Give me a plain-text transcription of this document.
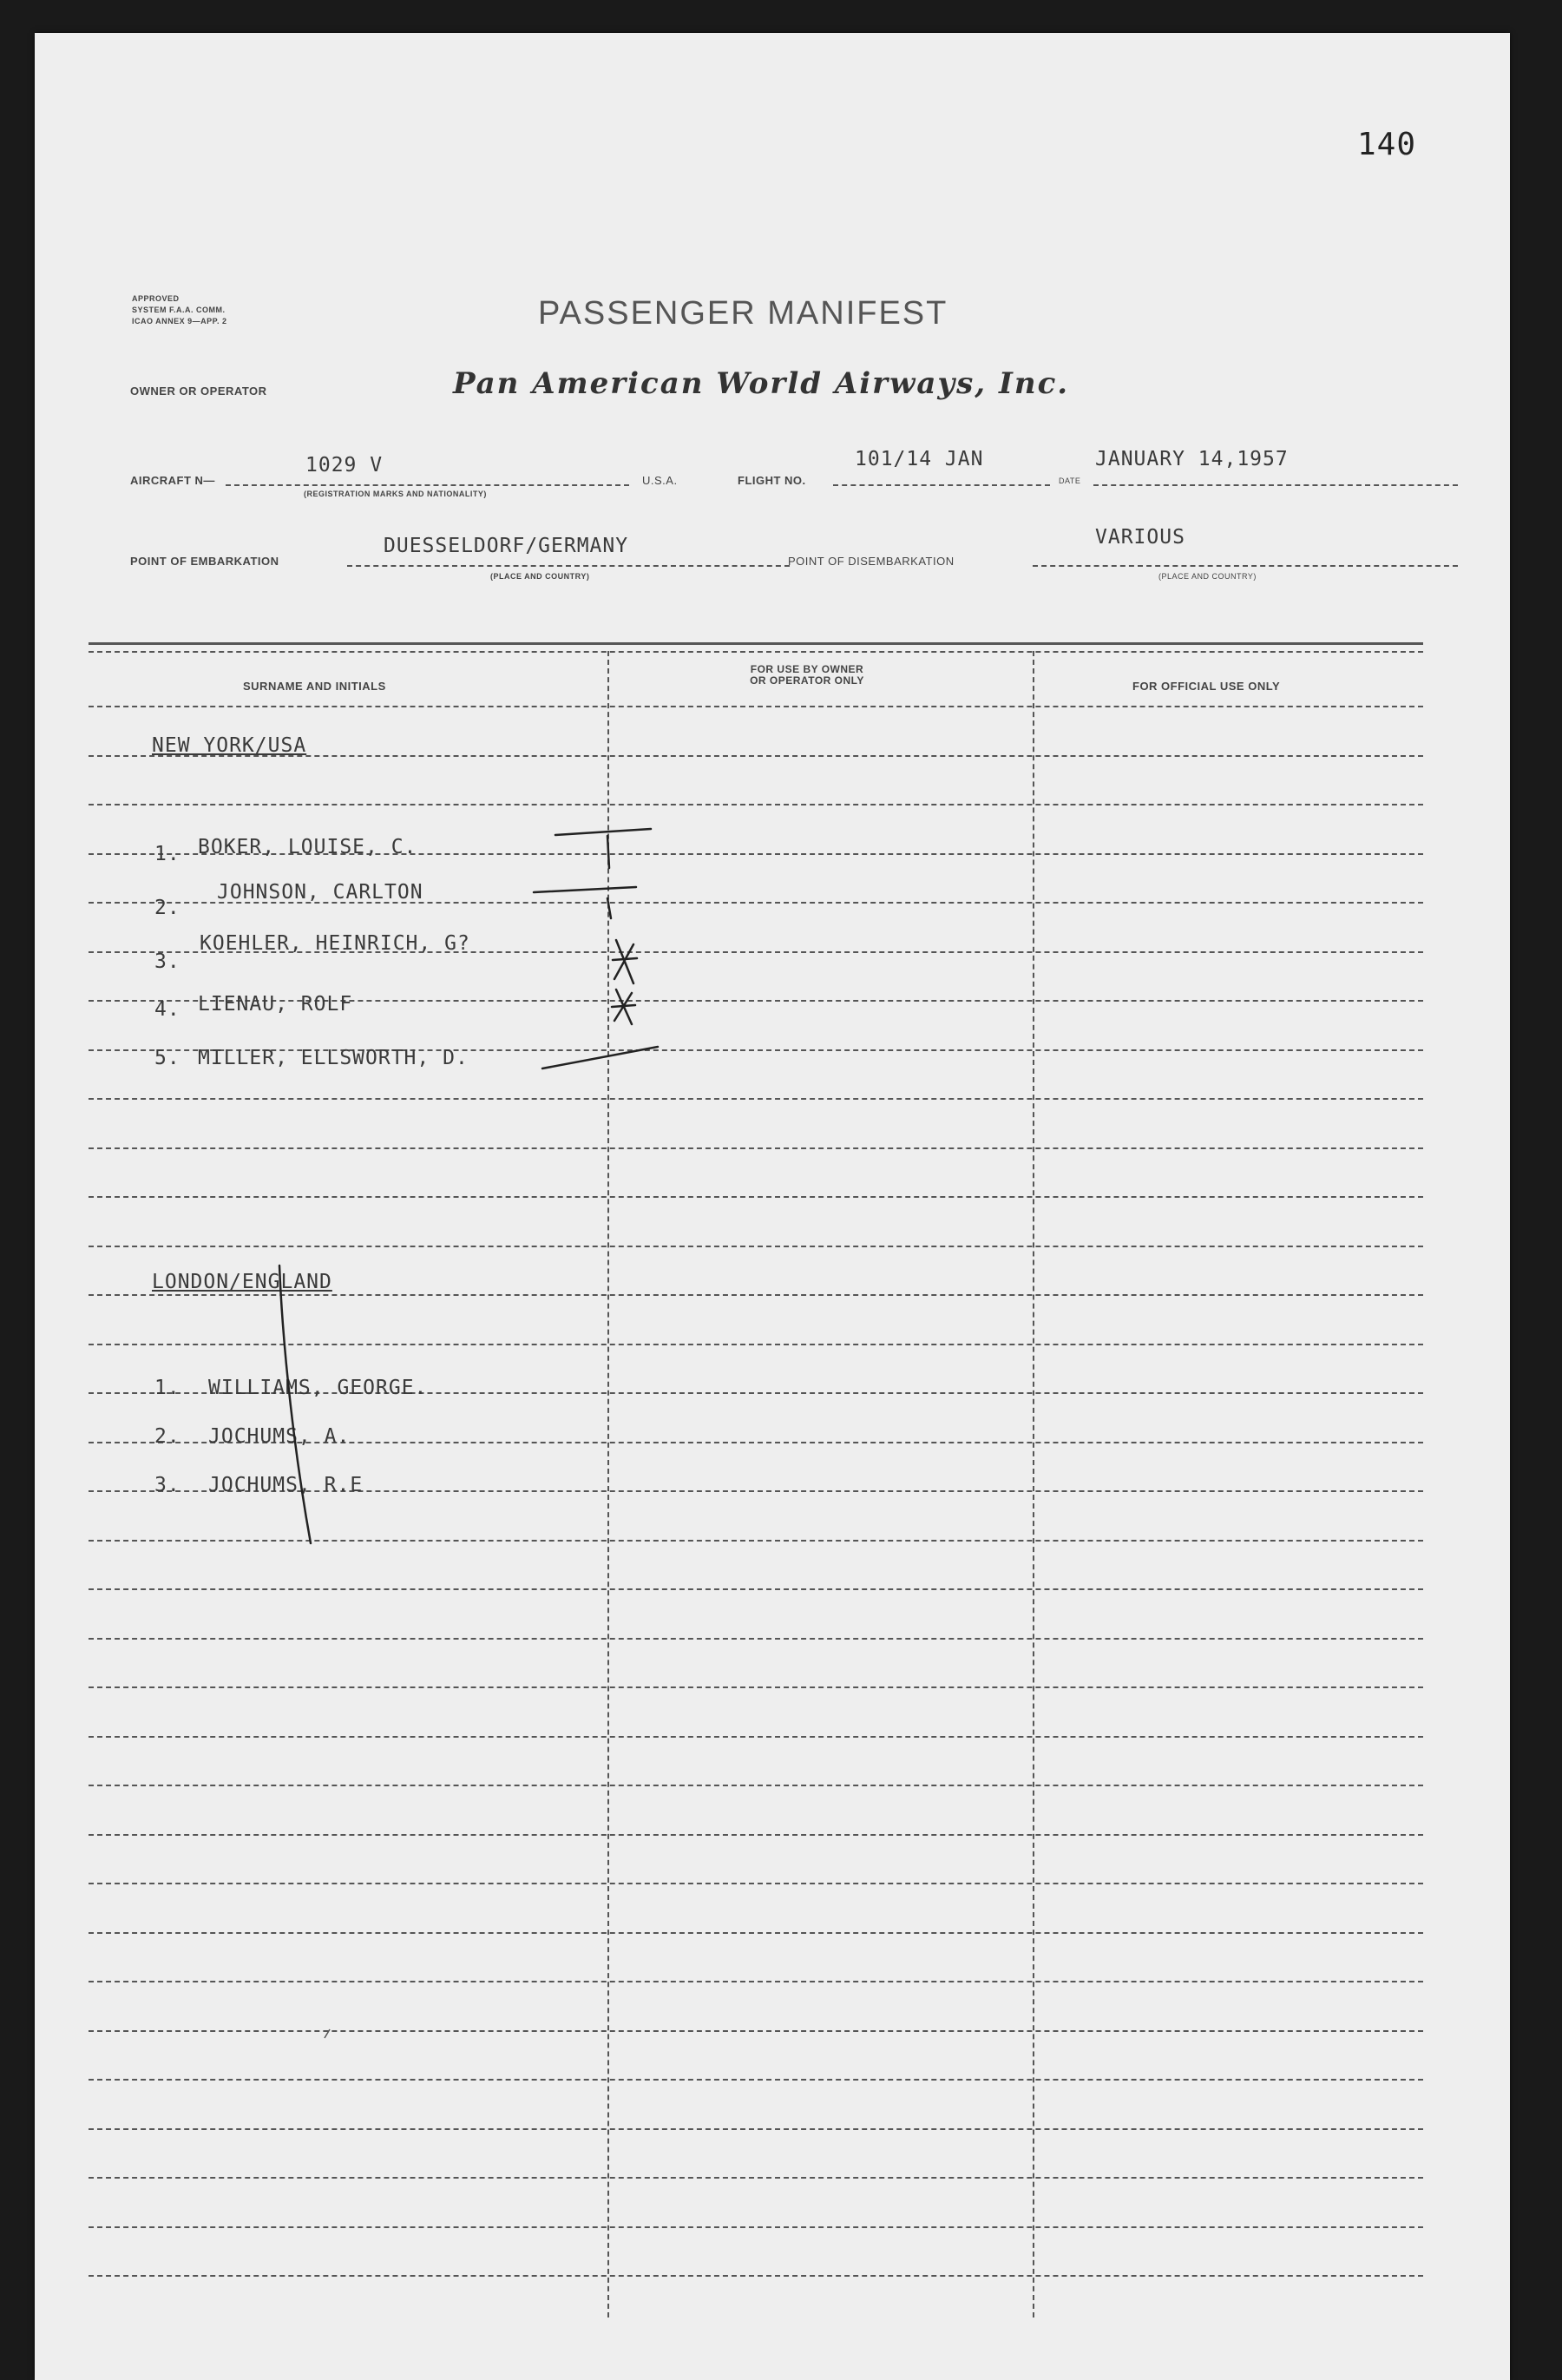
140
APPROVED
SYSTEM F.A.A. COMM.
ICAO ANNEX 9—APP. 2	PASSENGER MANIFEST
OWNER OR OPERATOR	Pan American World Airways, Inc.
AIRCRAFT N—
1029 V
(REGISTRATION MARKS AND NATIONALITY)
U.S.A.	FLIGHT NO.
101/14 JAN
DATE
JANUARY 14,1957
POINT OF EMBARKATION
DUESSELDORF/GERMANY
(PLACE AND COUNTRY)
POINT OF DISEMBARKATION
VARIOUS
(PLACE AND COUNTRY)
SURNAME AND INITIALS
FOR USE BY OWNER
OR OPERATOR ONLY	FOR OFFICIAL USE ONLY
NEW YORK/USA
1. BOKER, LOUISE, C.
2.
JOHNSON, CARLTON
3.
KOEHLER, HEINRICH, G?
4. LIENAU, ROLF
5. MILLER, ELLSWORTH, D.
LONDON/ENGLAND
1. WILLIAMS, GEORGE.
2. JOCHUMS, A.
3. JOCHUMS, R.E
